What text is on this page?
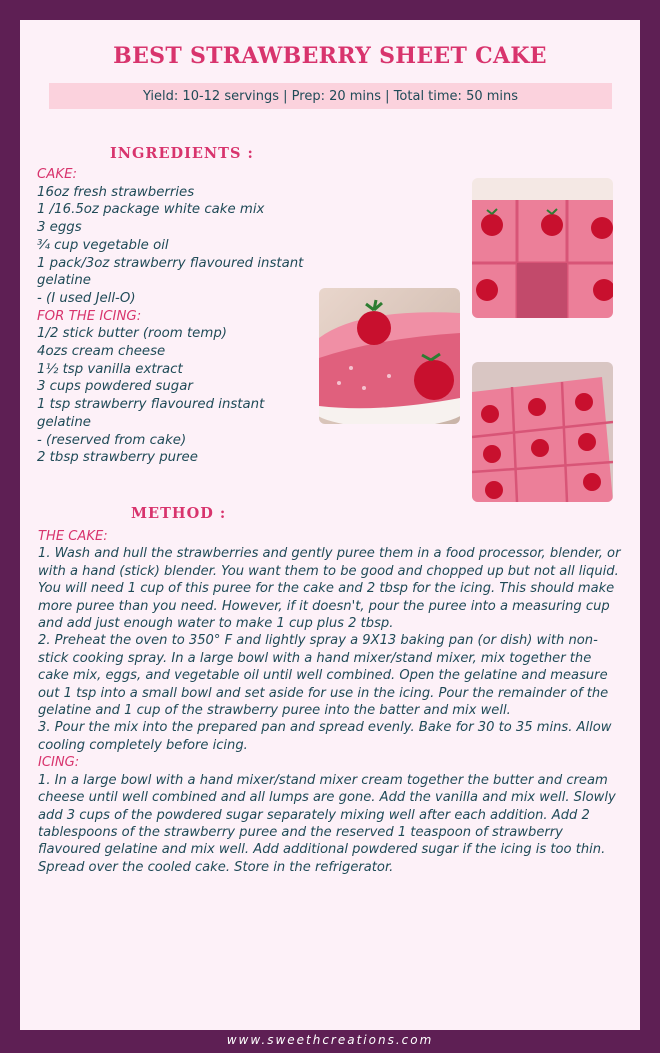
BEST STRAWBERRY SHEET CAKE
Yield: 10-12 servings | Prep: 20 mins | Total time: 50 mins
INGREDIENTS :
CAKE:
16oz fresh strawberries
1 /16.5oz package white cake mix
3 eggs
¾ cup vegetable oil
1 pack/3oz strawberry flavoured instant gelatine
- (I used Jell-O)
FOR THE ICING:
1/2 stick butter (room temp)
4ozs cream cheese
1½ tsp vanilla extract
3 cups powdered sugar
1 tsp strawberry flavoured instant gelatine
- (reserved from cake)
2 tbsp strawberry puree
METHOD :
THE CAKE:
1. Wash and hull the strawberries and gently puree them in a food processor, blender, or with a hand (stick) blender. You want them to be good and chopped up but not all liquid. You will need 1 cup of this puree for the cake and 2 tbsp for the icing. This should make more puree than you need. However, if it doesn't, pour the puree into a measuring cup and add just enough water to make 1 cup plus 2 tbsp.
2. Preheat the oven to 350° F and lightly spray a 9X13 baking pan (or dish) with non-stick cooking spray. In a large bowl with a hand mixer/stand mixer, mix together the cake mix, eggs, and vegetable oil until well combined. Open the gelatine and measure out 1 tsp into a small bowl and set aside for use in the icing. Pour the remainder of the gelatine and 1 cup of the strawberry puree into the batter and mix well.
3. Pour the mix into the prepared pan and spread evenly. Bake for 30 to 35 mins. Allow cooling completely before icing.
ICING:
1. In a large bowl with a hand mixer/stand mixer cream together the butter and cream cheese until well combined and all lumps are gone. Add the vanilla and mix well. Slowly add 3 cups of the powdered sugar separately mixing well after each addition. Add 2 tablespoons of the strawberry puree and the reserved 1 teaspoon of strawberry flavoured gelatine and mix well. Add additional powdered sugar if the icing is too thin. Spread over the cooled cake. Store in the refrigerator.
www.sweethcreations.com
